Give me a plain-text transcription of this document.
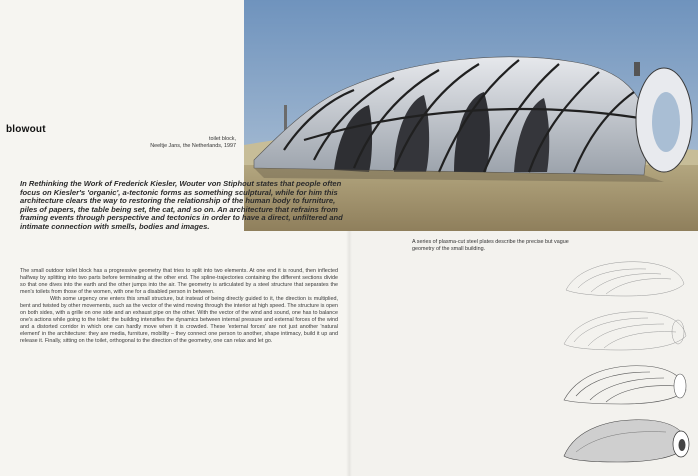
blowout
toilet block,
Neeltje Jans, the Netherlands, 1997

In Rethinking the Work of Frederick Kiesler, Wouter von Stiphout states that people often focus on Kiesler's 'organic', a-tectonic forms as something sculptural, while for him this architecture clears the way to restoring the relationship of the human body to furniture, piles of papers, the table being set, the cat, and so on. An architecture that refrains from framing events through perspective and tectonics in order to have a direct, unfiltered and intimate connection with smells, bodies and images.

The small outdoor toilet block has a progressive geometry that tries to split into two elements. At one end it is round, then inflected halfway by splitting into two parts before terminating at the other end. The spline-trajectories containing the different sections divide so that one dives into the earth and the other jumps into the air. The geometry is articulated by a steel structure that separates the men's toilets from those of the women, with one for a disabled person in between.

With some urgency one enters this small structure, but instead of being directly guided to it, the direction is multiplied, bent and twisted by other movements, such as the vector of the wind moving through the interior at high speed. The structure is open on both sides, with a grille on one side and an exhaust pipe on the other. With the vector of the wind and sound, one has to balance one's actions while going to the toilet: the building intensifies the dynamics between internal pressure and external forces of the wind and a distorted corridor in which one can hardly move when it is crowded. These 'external forces' are not just another 'natural element' in the architecture: they are media, furniture, mobility – they connect one person to another, shape intimacy, build it up and release it. Finally, sitting on the toilet, orthogonal to the direction of the geometry, one can relax and let go.

A series of plasma-cut steel plates describe the precise but vague geometry of the small building.
